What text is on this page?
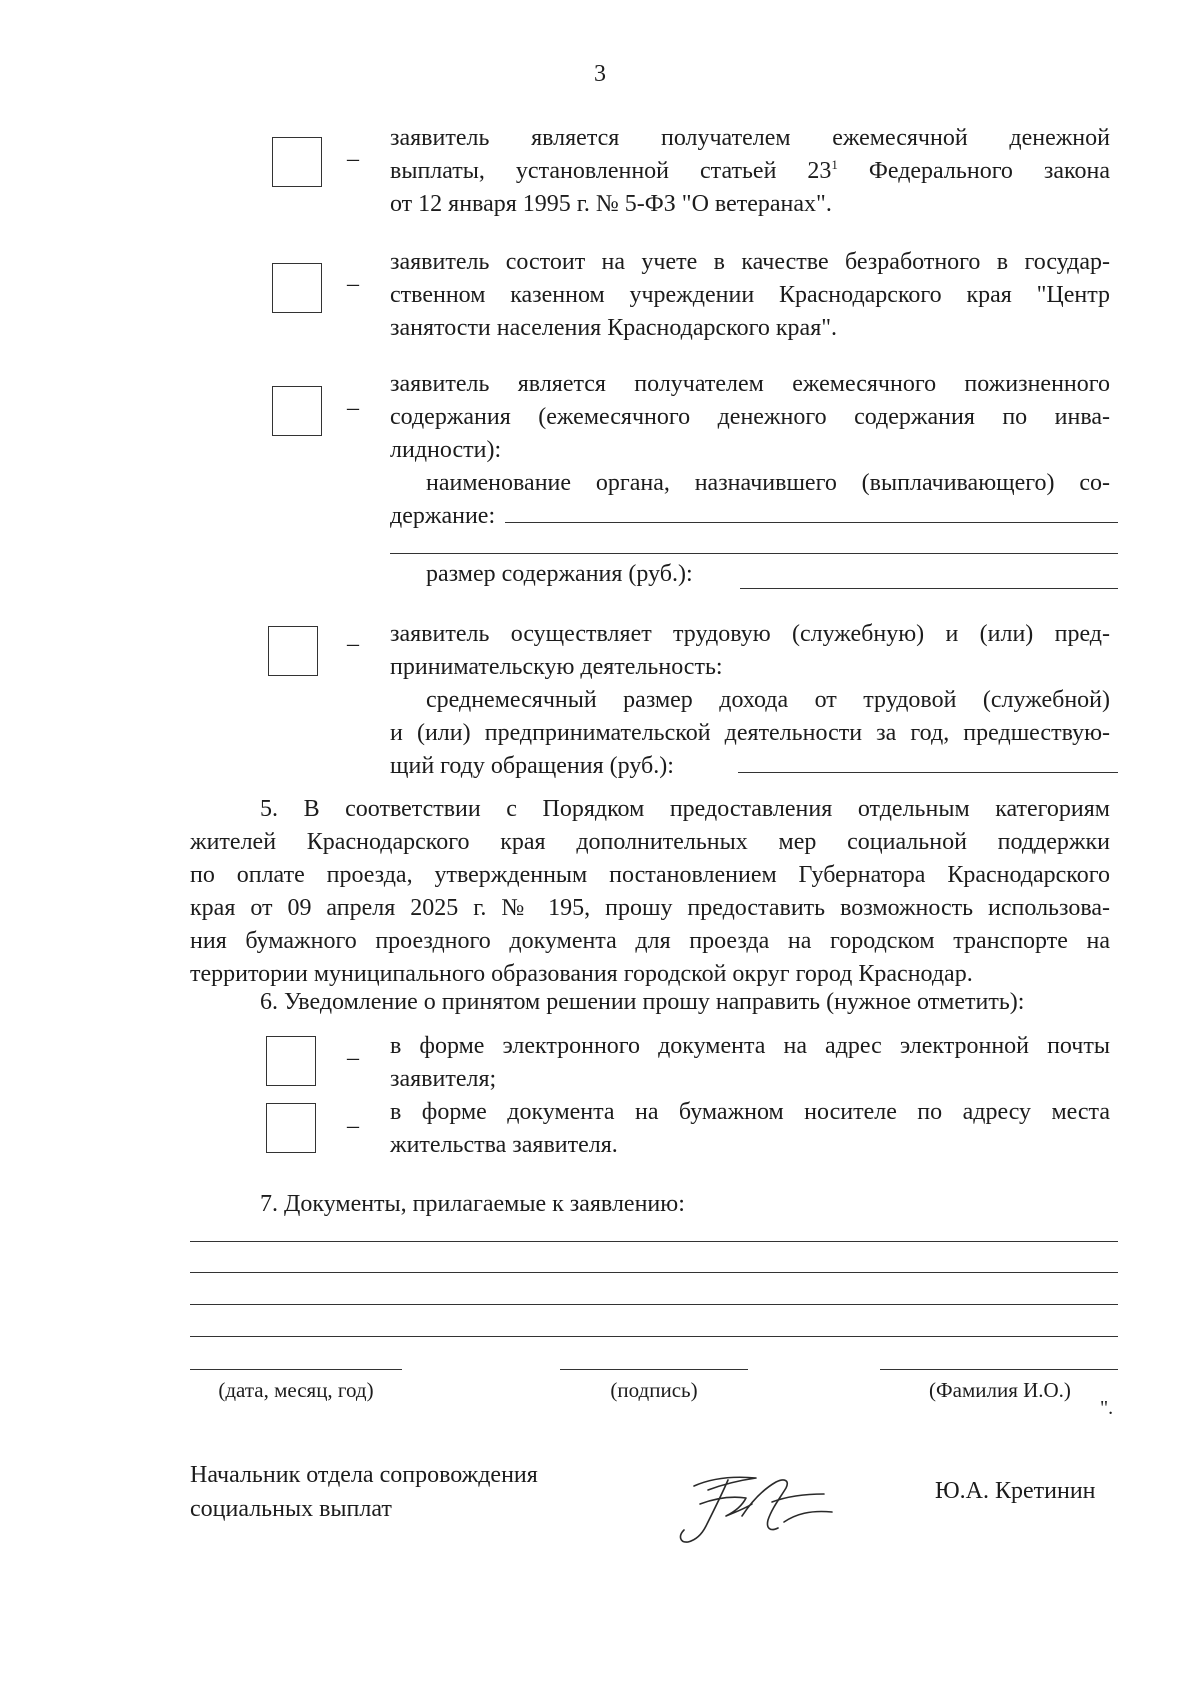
3
–
заявитель является получателем ежемесячной денежной
выплаты, установленной статьей $23^1$ Федерального закона
от 12 января 1995 г. № 5-ФЗ "О ветеранах".
–
заявитель состоит на учете в качестве безработного в государ-
ственном казенном учреждении Краснодарского края "Центр
занятости населения Краснодарского края".
–
заявитель является получателем ежемесячного пожизненного
содержания (ежемесячного денежного содержания по инва-
лидности):
наименование органа, назначившего (выплачивающего) со-
держание:
размер содержания (руб.):
– заявитель осуществляет трудовую (служебную) и (или) пред-
принимательскую деятельность:
среднемесячный размер дохода от трудовой (служебной)
и (или) предпринимательской деятельности за год, предшествую-
щий году обращения (руб.):
5. В соответствии с Порядком предоставления отдельным категориям
жителей Краснодарского края дополнительных мер социальной поддержки
по оплате проезда, утвержденным постановлением Губернатора Краснодарского
края от 09 апреля 2025 г. № 195, прошу предоставить возможность использова-
ния бумажного проездного документа для проезда на городском транспорте на
территории муниципального образования городской округ город Краснодар.
6. Уведомление о принятом решении прошу направить (нужное отметить):
– в форме электронного документа на адрес электронной почты
заявителя;
–
в форме документа на бумажном носителе по адресу места
жительства заявителя.
7. Документы, прилагаемые к заявлению:
(дата, месяц, год)	(подпись)	(Фамилия И.О.)
".
Начальник отдела сопровождения
социальных выплат
Ю.А. Кретинин
